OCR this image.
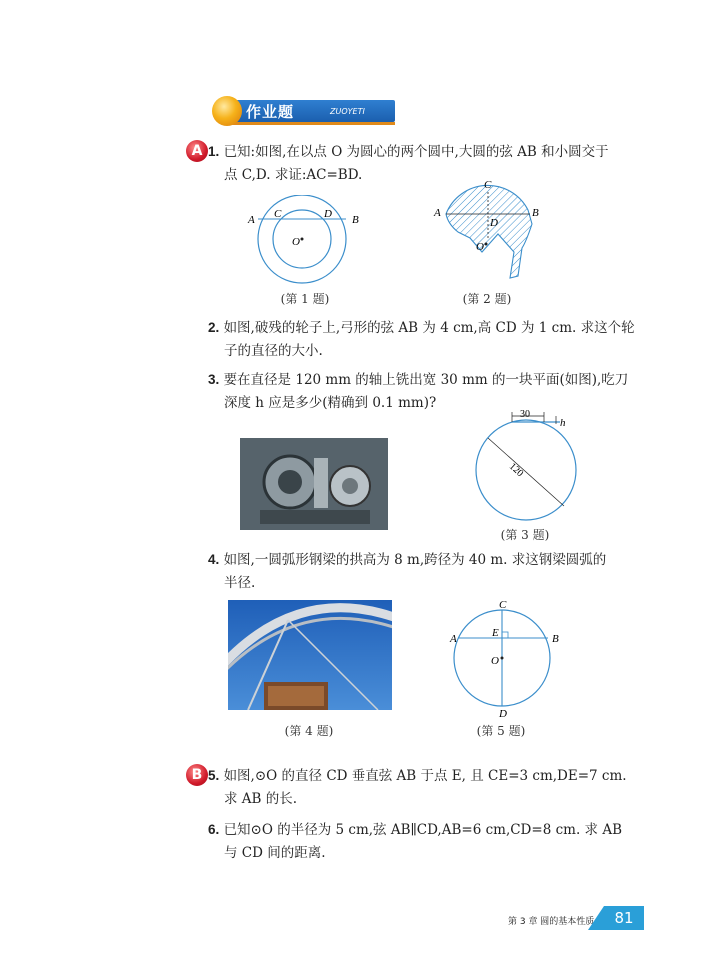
作业题	ZUOYETI
A 1. 已知:如图,在以点 O 为圆心的两个圆中,大圆的弦 AB 和小圆交于
点 C,D. 求证:AC=BD.
A C	D B
O
(第 1 题)
C
A
D
B
O
(第 2 题)
2. 如图,破残的轮子上,弓形的弦 AB 为 4 cm,高 CD 为 1 cm. 求这个轮
子的直径的大小.
3. 要在直径是 120 mm 的轴上铣出宽 30 mm 的一块平面(如图),吃刀
深度 h 应是多少(精确到 0.1 mm)?
30
h
120
(第 3 题)
4. 如图,一圆弧形钢梁的拱高为 8 m,跨径为 40 m. 求这钢梁圆弧的
半径.
C
A	E	B
O
D
(第 4 题)	(第 5 题)
B 5. 如图,⊙O 的直径 CD 垂直弦 AB 于点 E, 且 CE=3 cm,DE=7 cm.
求 AB 的长.
6. 已知⊙O 的半径为 5 cm,弦 AB∥CD,AB=6 cm,CD=8 cm. 求 AB
与 CD 间的距离.
第 3 章 圆的基本性质	81
